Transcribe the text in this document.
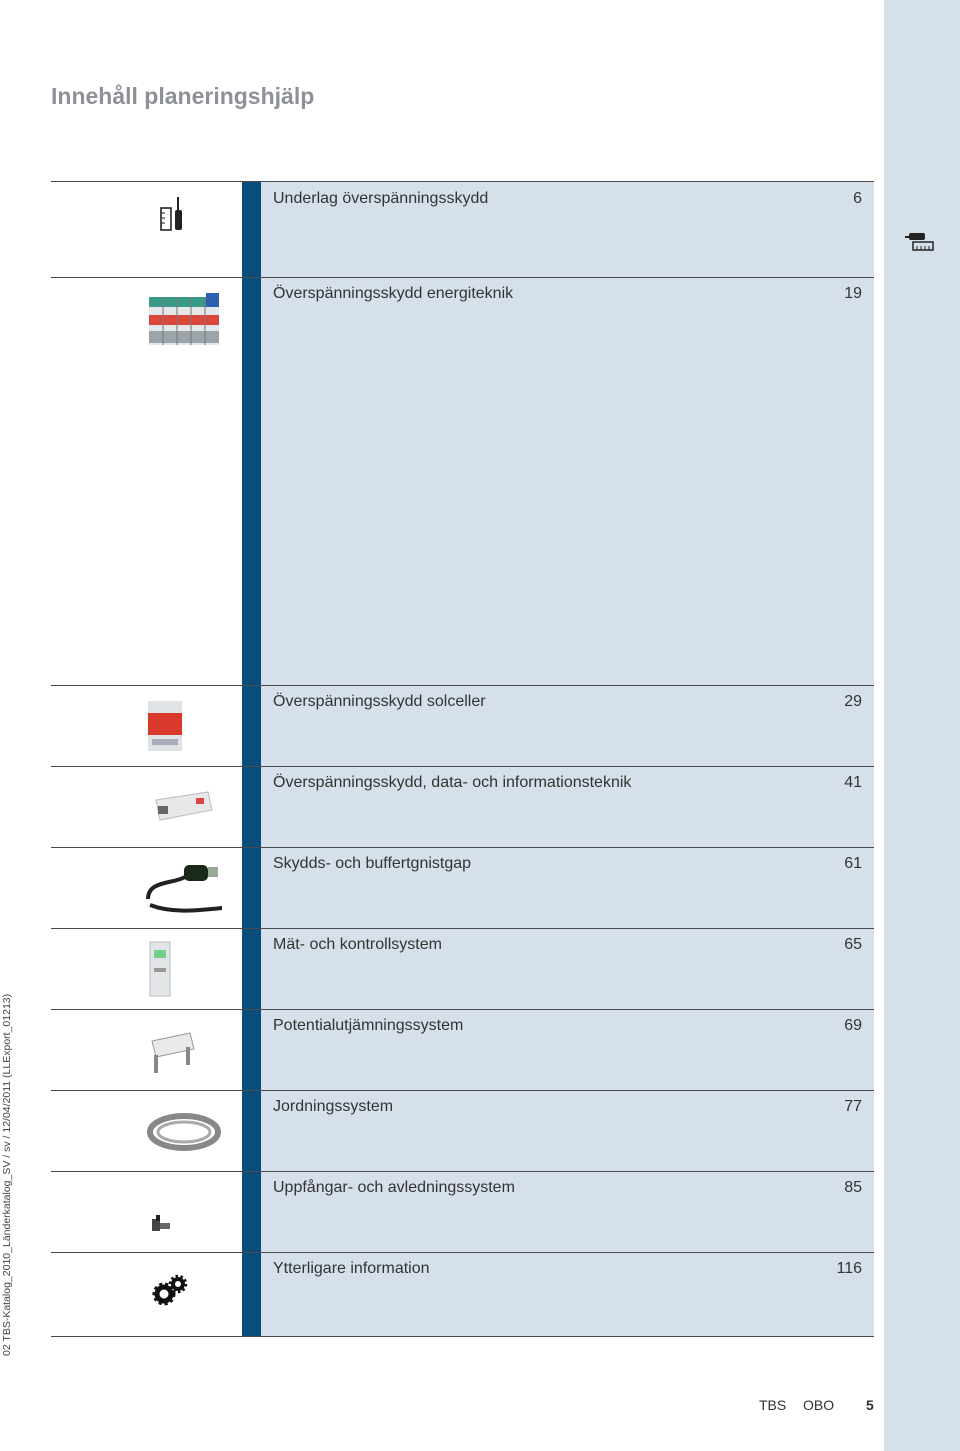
Innehåll planeringshjälp
Underlag överspänningsskydd	6
Överspänningsskydd energiteknik	19
Överspänningsskydd solceller	29
Överspänningsskydd, data- och informationsteknik	41
Skydds- och buffertgnistgap	61
Mät- och kontrollsystem	65
Potentialutjämningssystem	69
Jordningssystem	77
Uppfångar- och avledningssystem	85
Ytterligare information	116
02 TBS-Katalog_2010_Länderkatalog_SV / sv / 12/04/2011 (LLExport_01213)
TBS OBO 5
